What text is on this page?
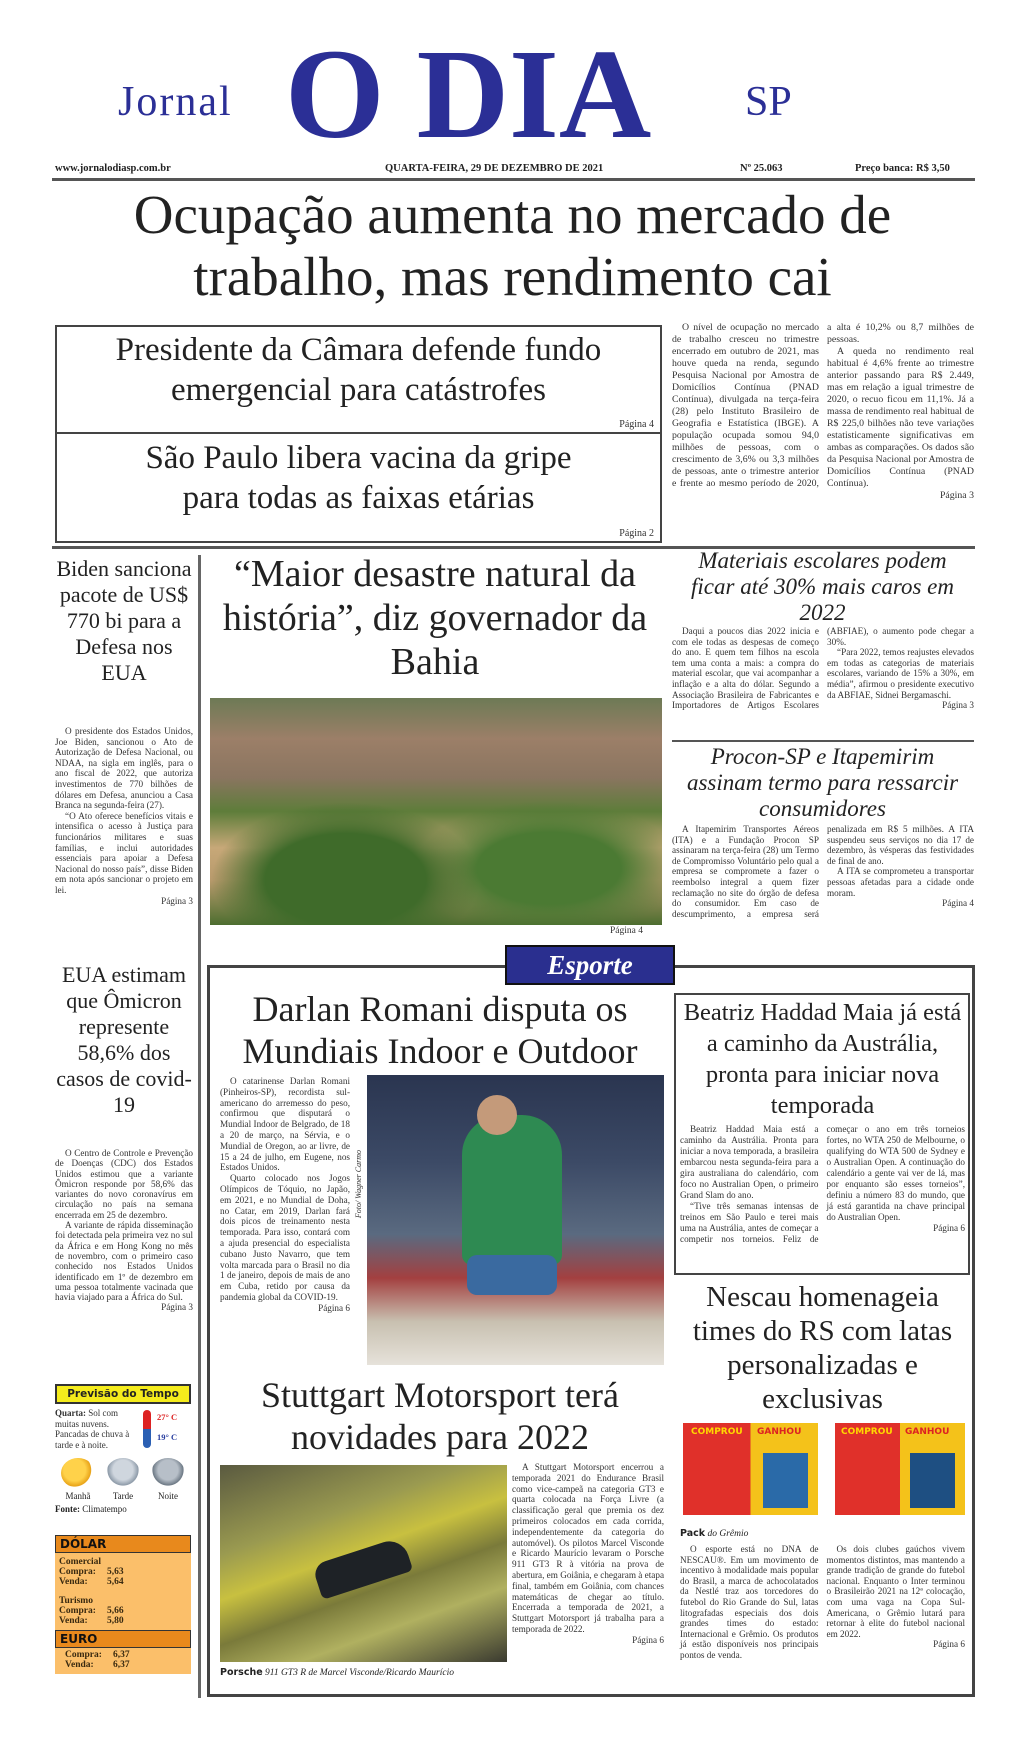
Jornal O DIA SP
www.jornalodiasp.com.br	QUARTA-FEIRA, 29 DE DEZEMBRO DE 2021	Nº 25.063	Preço banca: R$ 3,50
Ocupação aumenta no mercado de
trabalho, mas rendimento cai
Presidente da Câmara defende fundo
emergencial para catástrofes
Página 4
São Paulo libera vacina da gripe
para todas as faixas etárias
Página 2

O nível de ocupação no mercado de trabalho cresceu no trimestre encerrado em outubro de 2021, mas houve queda na renda, segundo Pesquisa Nacional por Amostra de Domicílios Contínua (PNAD Contínua), divulgada na terça-feira (28) pelo Instituto Brasileiro de Geografia e Estatística (IBGE). A população ocupada somou 94,0 milhões de pessoas, com o crescimento de 3,6% ou 3,3 milhões de pessoas, ante o trimestre anterior e frente ao mesmo período de 2020, a alta é 10,2% ou 8,7 milhões de pessoas.

A queda no rendimento real habitual é 4,6% frente ao trimestre anterior passando para R$ 2.449, mas em relação a igual trimestre de 2020, o recuo ficou em 11,1%. Já a massa de rendimento real habitual de R$ 225,0 bilhões não teve variações estatisticamente significativas em ambas as comparações. Os dados são da Pesquisa Nacional por Amostra de Domicílios Contínua (PNAD Contínua).

Página 3
Biden sanciona pacote de US$ 770 bi para a Defesa nos EUA

O presidente dos Estados Unidos, Joe Biden, sancionou o Ato de Autorização de Defesa Nacional, ou NDAA, na sigla em inglês, para o ano fiscal de 2022, que autoriza investimentos de 770 bilhões de dólares em Defesa, anunciou a Casa Branca na segunda-feira (27).

“O Ato oferece benefícios vitais e intensifica o acesso à Justiça para funcionários militares e suas famílias, e inclui autoridades essenciais para apoiar a Defesa Nacional do nosso país”, disse Biden em nota após sancionar o projeto em lei.

Página 3
EUA estimam que Ômicron represente 58,6% dos casos de covid-19

O Centro de Controle e Prevenção de Doenças (CDC) dos Estados Unidos estimou que a variante Ômicron responde por 58,6% das variantes do novo coronavírus em circulação no país na semana encerrada em 25 de dezembro.

A variante de rápida disseminação foi detectada pela primeira vez no sul da África e em Hong Kong no mês de novembro, com o primeiro caso conhecido nos Estados Unidos identificado em 1º de dezembro em uma pessoa totalmente vacinada que havia viajado para a África do Sul.

Página 3
Previsão do Tempo
Quarta: Sol com muitas nuvens. Pancadas de chuva à tarde e à noite.
27° C
19° C
Manhã	Tarde	Noite
Fonte: Climatempo
DÓLAR
Comercial
Compra: 5,63
Venda: 5,64
Turismo
Compra: 5,66
Venda: 5,80
EURO
Compra: 6,37
Venda: 6,37
“Maior desastre natural da história”, diz governador da Bahia
Página 4
Materiais escolares podem ficar até 30% mais caros em 2022

Daqui a poucos dias 2022 inicia e com ele todas as despesas de começo do ano. E quem tem filhos na escola tem uma conta a mais: a compra do material escolar, que vai acompanhar a inflação e a alta do dólar. Segundo a Associação Brasileira de Fabricantes e Importadores de Artigos Escolares (ABFIAE), o aumento pode chegar a 30%.

“Para 2022, temos reajustes elevados em todas as categorias de materiais escolares, variando de 15% a 30%, em média”, afirmou o presidente executivo da ABFIAE, Sidnei Bergamaschi.

Página 3
Procon-SP e Itapemirim assinam termo para ressarcir consumidores

A Itapemirim Transportes Aéreos (ITA) e a Fundação Procon SP assinaram na terça-feira (28) um Termo de Compromisso Voluntário pelo qual a empresa se compromete a fazer o reembolso integral a quem fizer reclamação no site do órgão de defesa do consumidor. Em caso de descumprimento, a empresa será penalizada em R$ 5 milhões. A ITA suspendeu seus serviços no dia 17 de dezembro, às vésperas das festividades de final de ano.

A ITA se comprometeu a transportar pessoas afetadas para a cidade onde moram.

Página 4
Esporte
Darlan Romani disputa os Mundiais Indoor e Outdoor

O catarinense Darlan Romani (Pinheiros-SP), recordista sul-americano do arremesso do peso, confirmou que disputará o Mundial Indoor de Belgrado, de 18 a 20 de março, na Sérvia, e o Mundial de Oregon, ao ar livre, de 15 a 24 de julho, em Eugene, nos Estados Unidos.

Quarto colocado nos Jogos Olímpicos de Tóquio, no Japão, em 2021, e no Mundial de Doha, no Catar, em 2019, Darlan fará dois picos de treinamento nesta temporada. Para isso, contará com a ajuda presencial do especialista cubano Justo Navarro, que tem volta marcada para o Brasil no dia 1 de janeiro, depois de mais de ano em Cuba, retido por causa da pandemia global da COVID-19.

Página 6
Foto/ Wagner Carmo
Stuttgart Motorsport terá novidades para 2022
Porsche 911 GT3 R de Marcel Visconde/Ricardo Maurício

A Stuttgart Motorsport encerrou a temporada 2021 do Endurance Brasil como vice-campeã na categoria GT3 e quarta colocada na Força Livre (a classificação geral que premia os dez primeiros colocados em cada corrida, independentemente da categoria do automóvel). Os pilotos Marcel Visconde e Ricardo Maurício levaram o Porsche 911 GT3 R à vitória na prova de abertura, em Goiânia, e chegaram à etapa final, também em Goiânia, com chances matemáticas de chegar ao título. Encerrada a temporada de 2021, a Stuttgart Motorsport já trabalha para a temporada de 2022.

Página 6
Beatriz Haddad Maia já está a caminho da Austrália, pronta para iniciar nova temporada

Beatriz Haddad Maia está a caminho da Austrália. Pronta para iniciar a nova temporada, a brasileira embarcou nesta segunda-feira para a gira australiana do calendário, com foco no Australian Open, o primeiro Grand Slam do ano.

“Tive três semanas intensas de treinos em São Paulo e terei mais uma na Austrália, antes de começar a competir nos torneios. Feliz de começar o ano em três torneios fortes, no WTA 250 de Melbourne, o qualifying do WTA 500 de Sydney e o Australian Open. A continuação do calendário a gente vai ver de lá, mas por enquanto são esses torneios”, definiu a número 83 do mundo, que já está garantida na chave principal do Australian Open.

Página 6
Nescau homenageia times do RS com latas personalizadas e exclusivas
COMPROU GANHOU	COMPROU GANHOU
Pack do Grêmio

O esporte está no DNA de NESCAU®. Em um movimento de incentivo à modalidade mais popular do Brasil, a marca de achocolatados da Nestlé traz aos torcedores do futebol do Rio Grande do Sul, latas litografadas especiais dos dois grandes times do estado: Internacional e Grêmio. Os produtos já estão disponíveis nos principais pontos de venda.

Os dois clubes gaúchos vivem momentos distintos, mas mantendo a grande tradição de grande do futebol nacional. Enquanto o Inter terminou o Brasileirão 2021 na 12ª colocação, com uma vaga na Copa Sul-Americana, o Grêmio lutará para retornar à elite do futebol nacional em 2022.

Página 6
